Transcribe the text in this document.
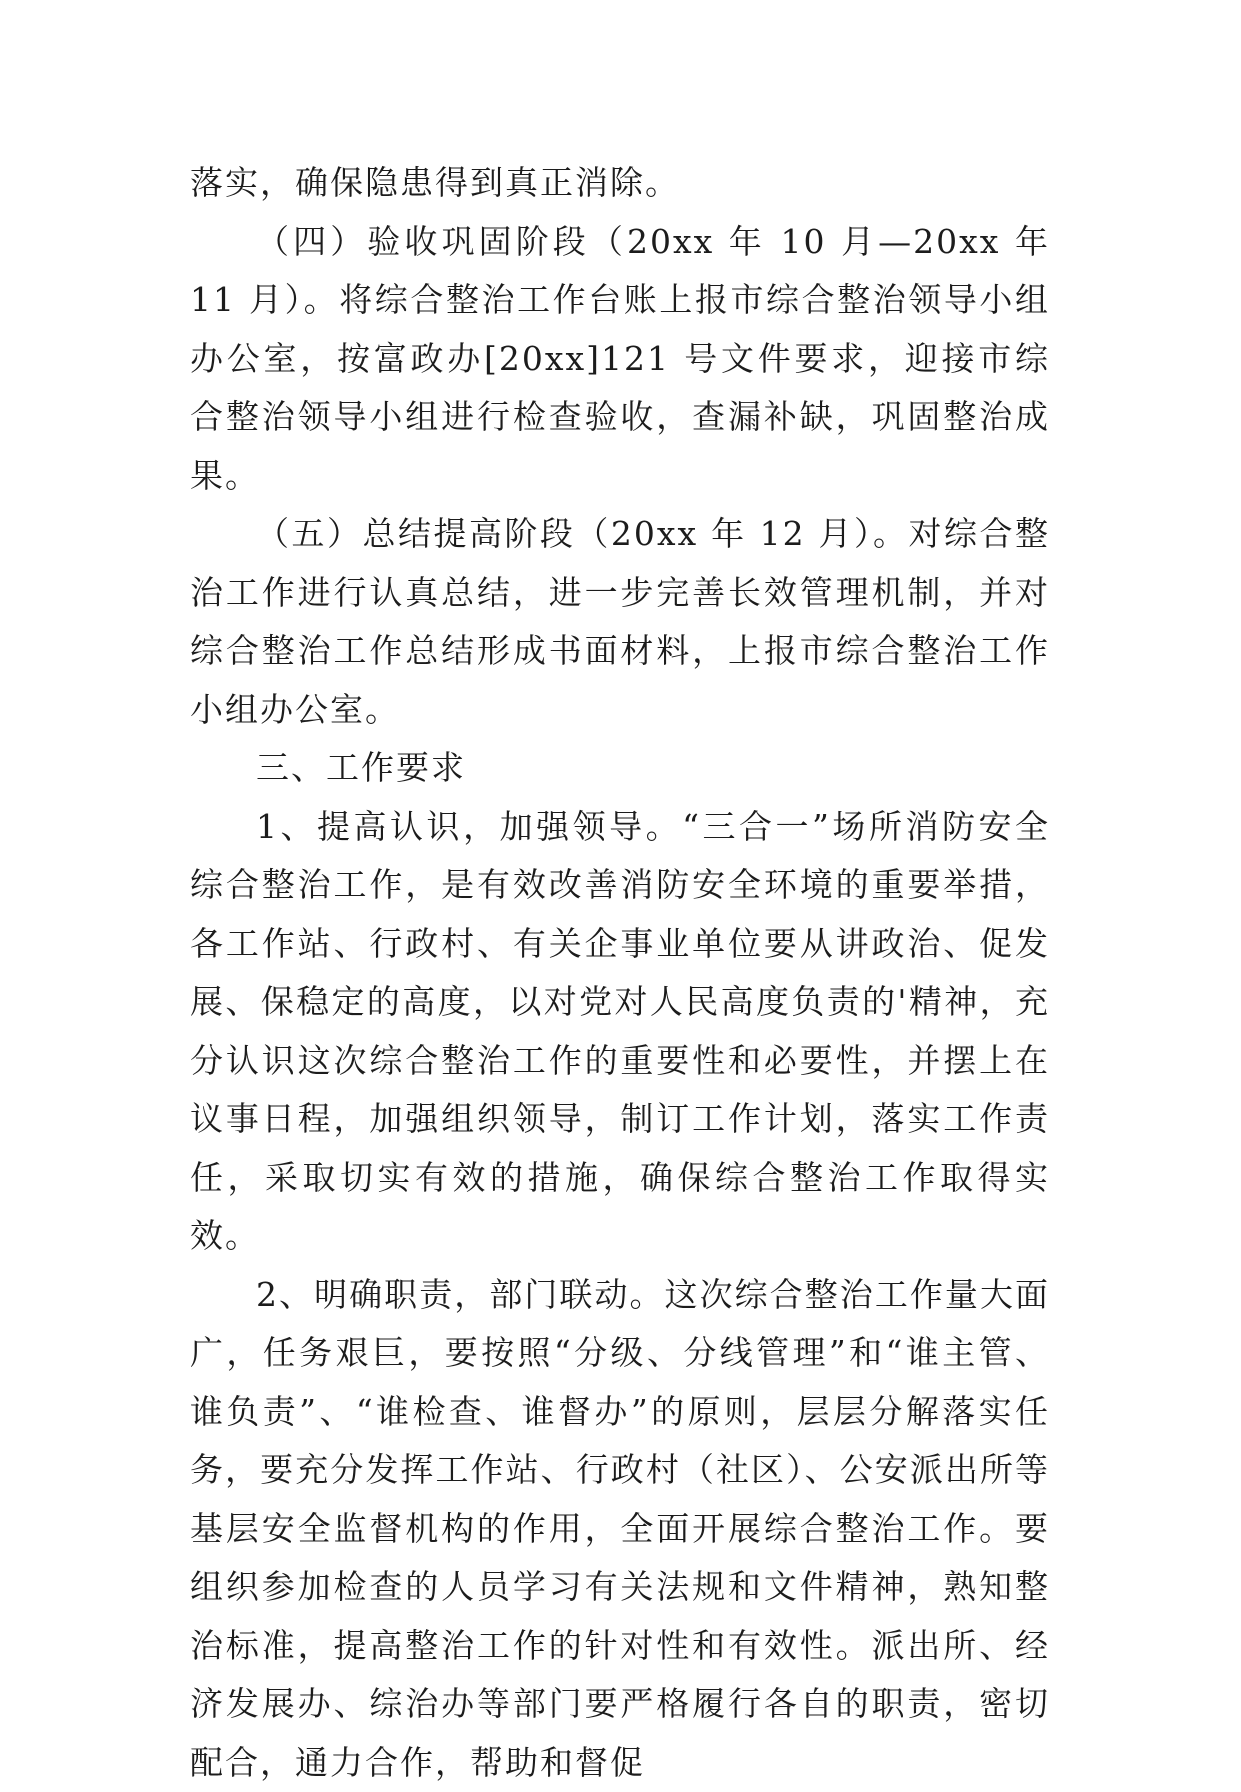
落实，确保隐患得到真正消除。

（四）验收巩固阶段（20xx 年 10 月—20xx 年 11 月）。将综合整治工作台账上报市综合整治领导小组办公室，按富政办[20xx]121 号文件要求，迎接市综合整治领导小组进行检查验收，查漏补缺，巩固整治成果。

（五）总结提高阶段（20xx 年 12 月）。对综合整治工作进行认真总结，进一步完善长效管理机制，并对综合整治工作总结形成书面材料，上报市综合整治工作小组办公室。

三、工作要求

1、提高认识，加强领导。“三合一”场所消防安全综合整治工作，是有效改善消防安全环境的重要举措，各工作站、行政村、有关企事业单位要从讲政治、促发展、保稳定的高度，以对党对人民高度负责的'精神，充分认识这次综合整治工作的重要性和必要性，并摆上在议事日程，加强组织领导，制订工作计划，落实工作责任，采取切实有效的措施，确保综合整治工作取得实效。

2、明确职责，部门联动。这次综合整治工作量大面广，任务艰巨，要按照“分级、分线管理”和“谁主管、谁负责”、“谁检查、谁督办”的原则，层层分解落实任务，要充分发挥工作站、行政村（社区）、公安派出所等基层安全监督机构的作用，全面开展综合整治工作。要组织参加检查的人员学习有关法规和文件精神，熟知整治标准，提高整治工作的针对性和有效性。派出所、经济发展办、综治办等部门要严格履行各自的职责，密切配合，通力合作，帮助和督促
